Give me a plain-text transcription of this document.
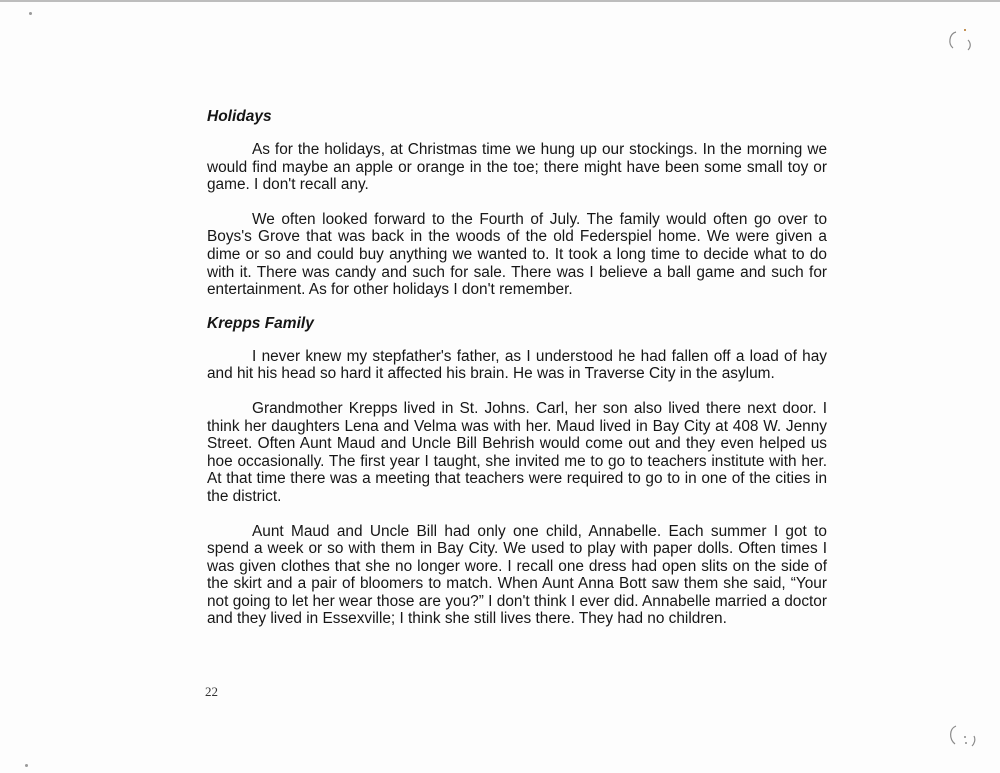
Holidays

As for the holidays, at Christmas time we hung up our stockings. In the morning we would find maybe an apple or orange in the toe; there might have been some small toy or game. I don't recall any.

We often looked forward to the Fourth of July. The family would often go over to Boys's Grove that was back in the woods of the old Federspiel home. We were given a dime or so and could buy anything we wanted to. It took a long time to decide what to do with it. There was candy and such for sale. There was I believe a ball game and such for entertainment. As for other holidays I don't remember.

Krepps Family

I never knew my stepfather's father, as I understood he had fallen off a load of hay and hit his head so hard it affected his brain. He was in Traverse City in the asylum.

Grandmother Krepps lived in St. Johns. Carl, her son also lived there next door. I think her daughters Lena and Velma was with her. Maud lived in Bay City at 408 W. Jenny Street. Often Aunt Maud and Uncle Bill Behrish would come out and they even helped us hoe occasionally. The first year I taught, she invited me to go to teachers institute with her. At that time there was a meeting that teachers were required to go to in one of the cities in the district.

Aunt Maud and Uncle Bill had only one child, Annabelle. Each summer I got to spend a week or so with them in Bay City. We used to play with paper dolls. Often times I was given clothes that she no longer wore. I recall one dress had open slits on the side of the skirt and a pair of bloomers to match. When Aunt Anna Bott saw them she said, “Your not going to let her wear those are you?” I don't think I ever did. Annabelle married a doctor and they lived in Essexville; I think she still lives there. They had no children.

22
